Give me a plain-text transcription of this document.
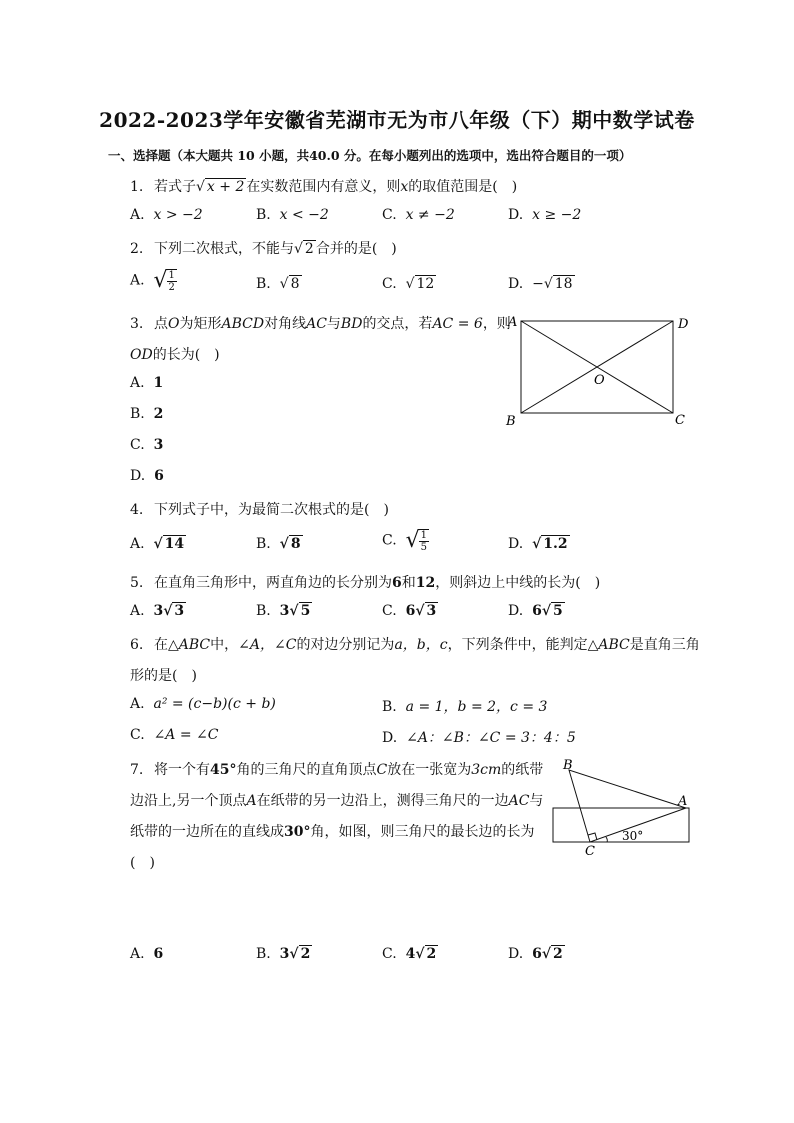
2022-2023学年安徽省芜湖市无为市八年级（下）期中数学试卷
一、选择题（本大题共 10 小题，共40.0 分。在每小题列出的选项中，选出符合题目的一项）
1. 若式子√ x + 2 在实数范围内有意义，则x的取值范围是(　)
A. x > −2	B. x < −2	C. x ≠ −2	D. x ≥ −2
2. 下列二次根式，不能与√ 2 合并的是(　)
A. √ $\frac{1}{2}$	B. √ 8	C. √ 12	D. −√ 18
3. 点O为矩形ABCD对角线AC与BD的交点，若AC = 6，则
OD的长为(　)
A. 1
B. 2
C. 3
D. 6
A	D
O
B	C
4. 下列式子中，为最简二次根式的是(　)
A. √ 14	B. √ 8	C. √ $\frac{1}{5}$	D. √ 1.2
5. 在直角三角形中，两直角边的长分别为6和12，则斜边上中线的长为(　)
A. 3√ 3	B. 3√ 5	C. 6√ 3	D. 6√ 5
6. 在△ABC中，∠A，∠C的对边分别记为a，b，c，下列条件中，能判定△ABC是直角三角
形的是(　)
A. a² = (c−b)(c + b)	B. a = 1，b = 2，c = 3
C. ∠A = ∠C	D. ∠A：∠B：∠C = 3：4：5
7. 将一个有45°角的三角尺的直角顶点C放在一张宽为3cm的纸带
边沿上,另一个顶点A在纸带的另一边沿上，测得三角尺的一边AC与
纸带的一边所在的直线成30°角，如图，则三角尺的最长边的长为
(　)
B
A
C
30°
A. 6	B. 3√ 2	C. 4√ 2	D. 6√ 2
